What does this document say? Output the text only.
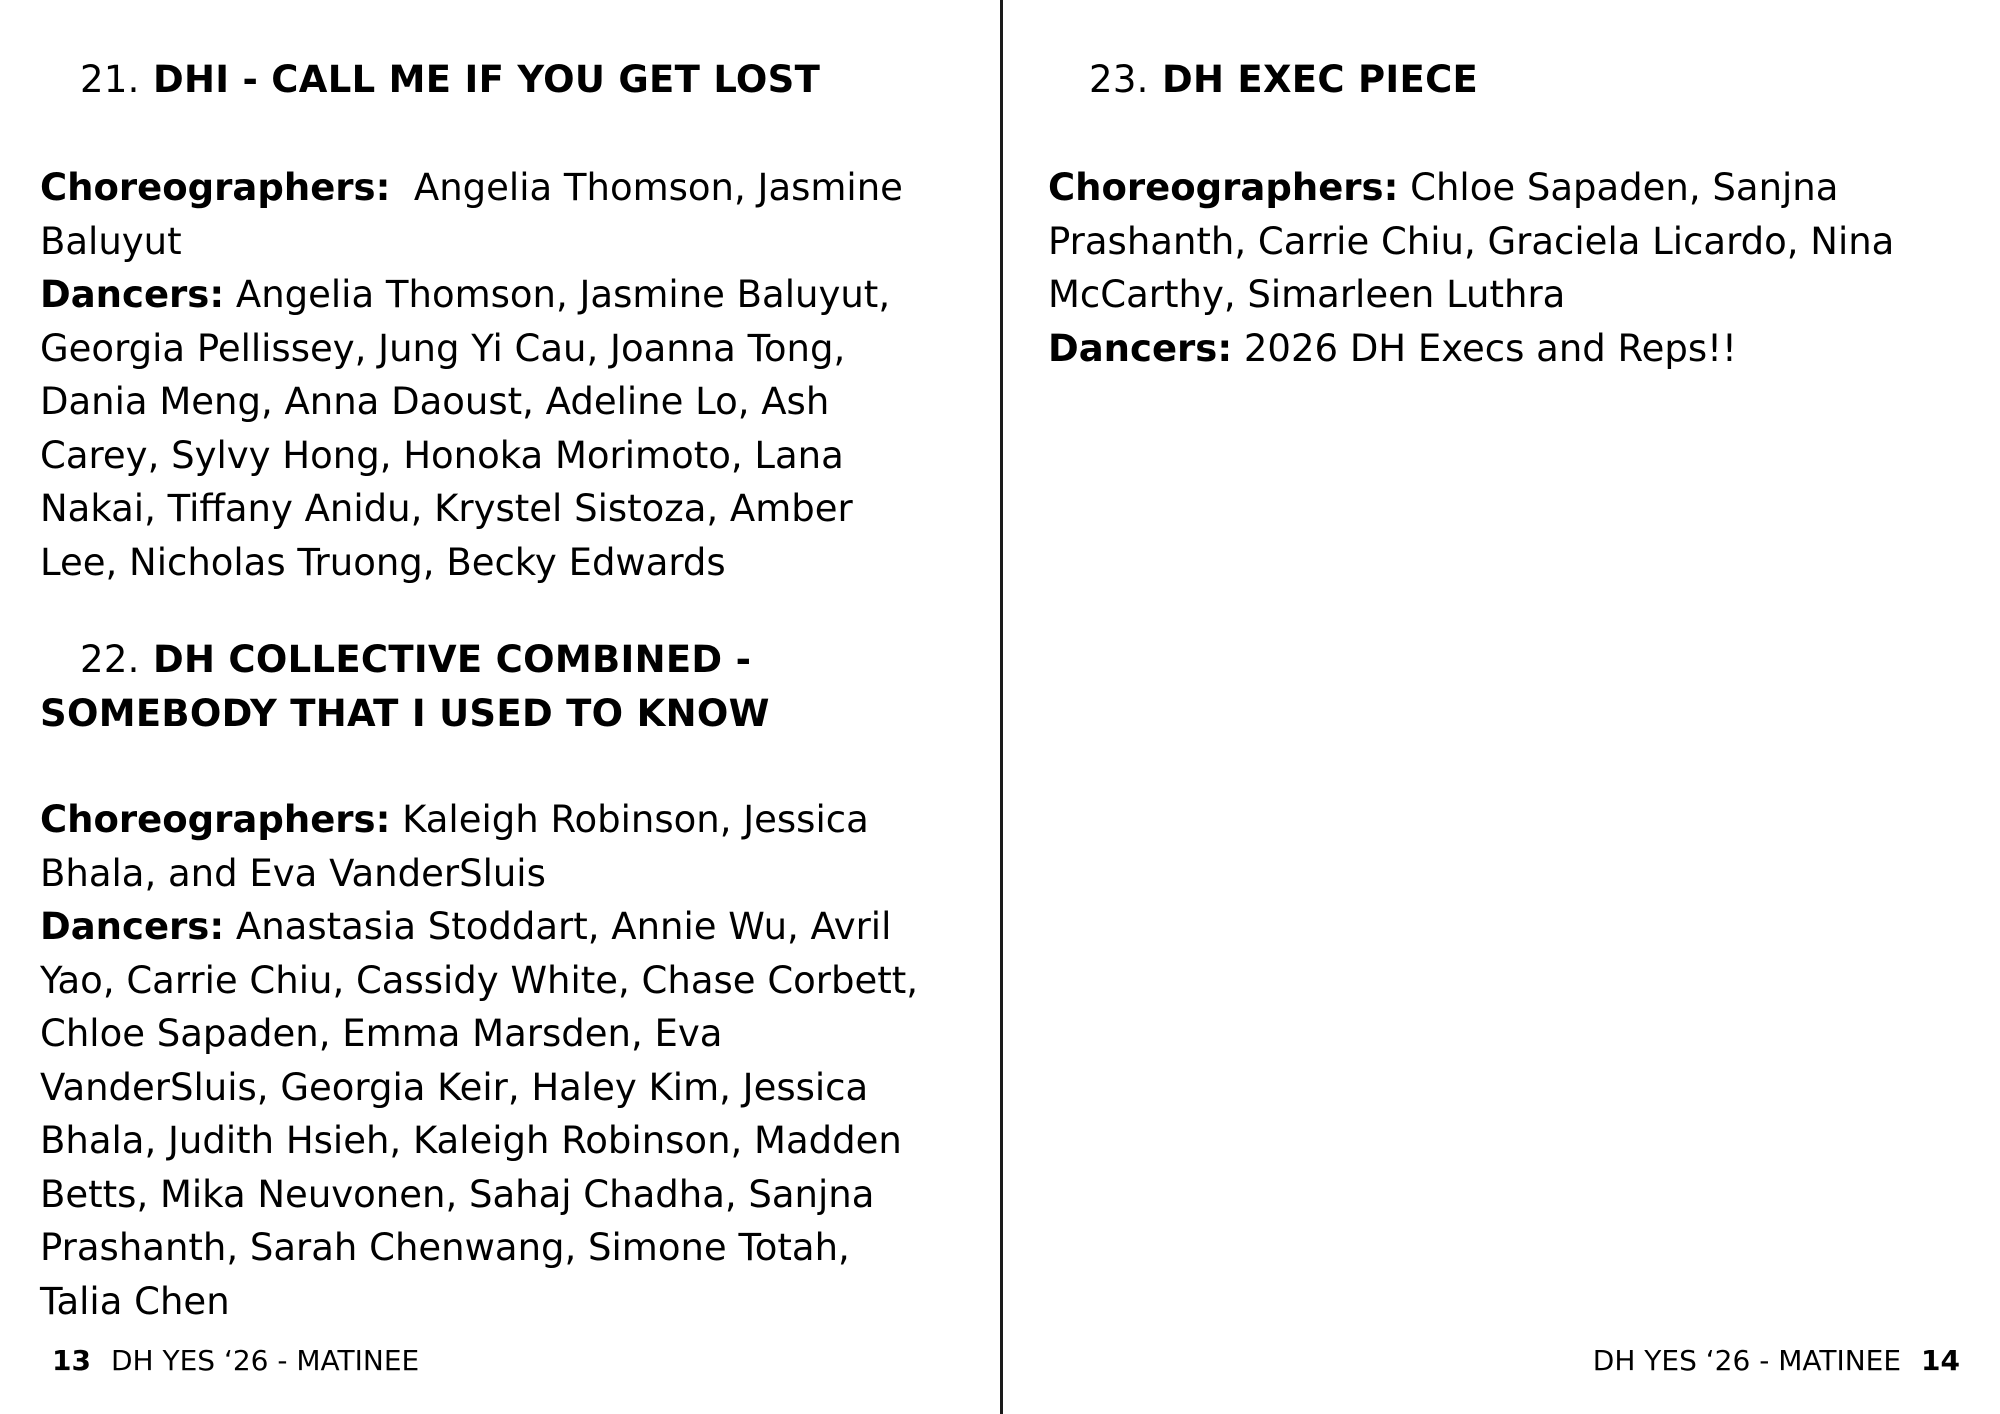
21. DHI - CALL ME IF YOU GET LOST
Choreographers: Angelia Thomson, Jasmine Baluyut
Dancers: Angelia Thomson, Jasmine Baluyut, Georgia Pellissey, Jung Yi Cau, Joanna Tong, Dania Meng, Anna Daoust, Adeline Lo, Ash Carey, Sylvy Hong, Honoka Morimoto, Lana Nakai, Tiffany Anidu, Krystel Sistoza, Amber Lee, Nicholas Truong, Becky Edwards
22. DH COLLECTIVE COMBINED - SOMEBODY THAT I USED TO KNOW
Choreographers: Kaleigh Robinson, Jessica Bhala, and Eva VanderSluis
Dancers: Anastasia Stoddart, Annie Wu, Avril Yao, Carrie Chiu, Cassidy White, Chase Corbett, Chloe Sapaden, Emma Marsden, Eva VanderSluis, Georgia Keir, Haley Kim, Jessica Bhala, Judith Hsieh, Kaleigh Robinson, Madden Betts, Mika Neuvonen, Sahaj Chadha, Sanjna Prashanth, Sarah Chenwang, Simone Totah, Talia Chen
13 DH YES ‘26 - MATINEE
23. DH EXEC PIECE
Choreographers: Chloe Sapaden, Sanjna Prashanth, Carrie Chiu, Graciela Licardo, Nina McCarthy, Simarleen Luthra
Dancers: 2026 DH Execs and Reps!!
DH YES ‘26 - MATINEE 14
